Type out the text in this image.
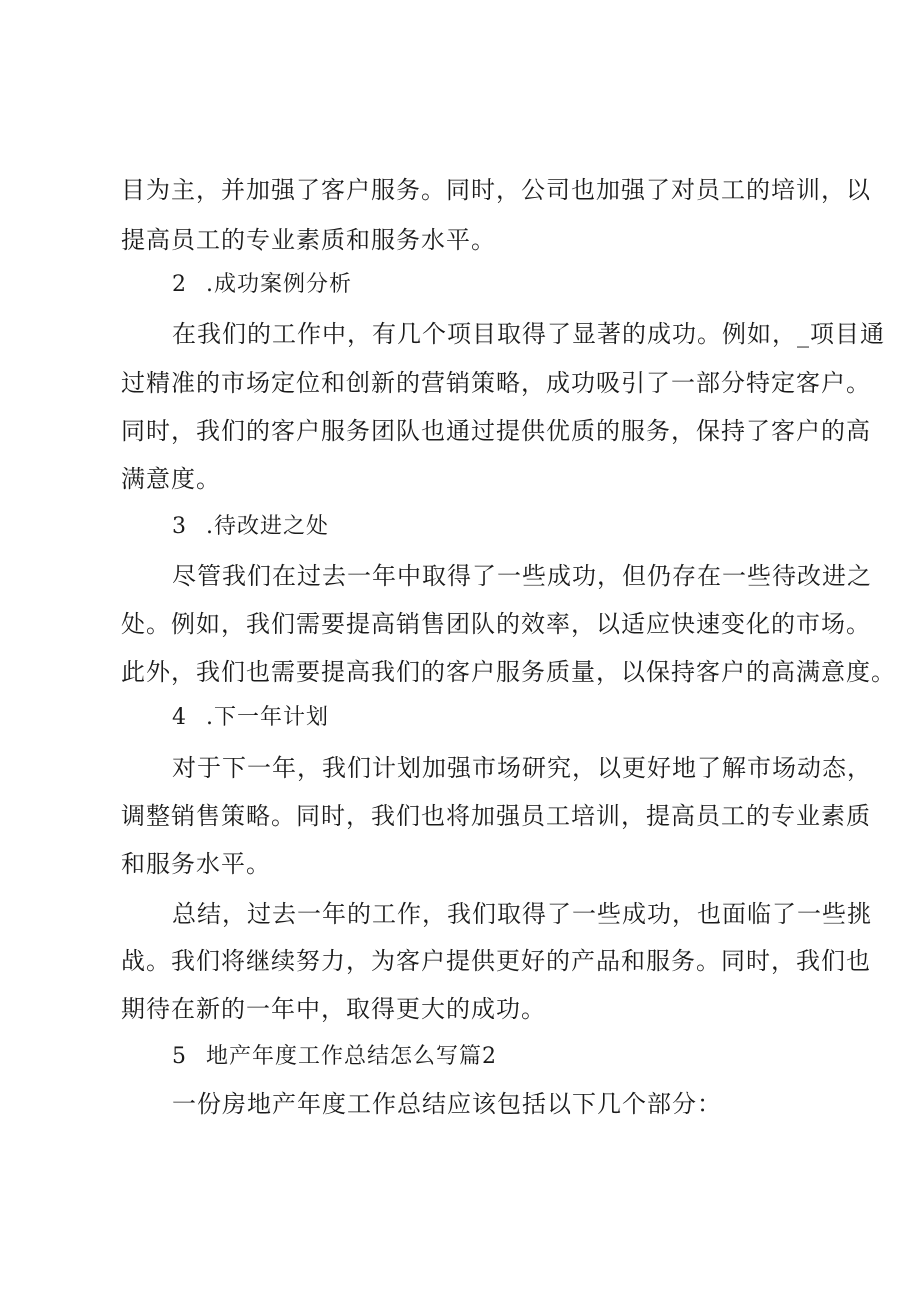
目为主，并加强了客户服务。同时，公司也加强了对员工的培训，以

提高员工的专业素质和服务水平。

2 .成功案例分析

在我们的工作中，有几个项目取得了显著的成功。例如，_项目通

过精准的市场定位和创新的营销策略，成功吸引了一部分特定客户。

同时，我们的客户服务团队也通过提供优质的服务，保持了客户的高

满意度。

3 .待改进之处

尽管我们在过去一年中取得了一些成功，但仍存在一些待改进之

处。例如，我们需要提高销售团队的效率，以适应快速变化的市场。

此外，我们也需要提高我们的客户服务质量，以保持客户的高满意度。

4 .下一年计划

对于下一年，我们计划加强市场研究，以更好地了解市场动态，

调整销售策略。同时，我们也将加强员工培训，提高员工的专业素质

和服务水平。

总结，过去一年的工作，我们取得了一些成功，也面临了一些挑

战。我们将继续努力，为客户提供更好的产品和服务。同时，我们也

期待在新的一年中，取得更大的成功。

5 地产年度工作总结怎么写篇2

一份房地产年度工作总结应该包括以下几个部分：
